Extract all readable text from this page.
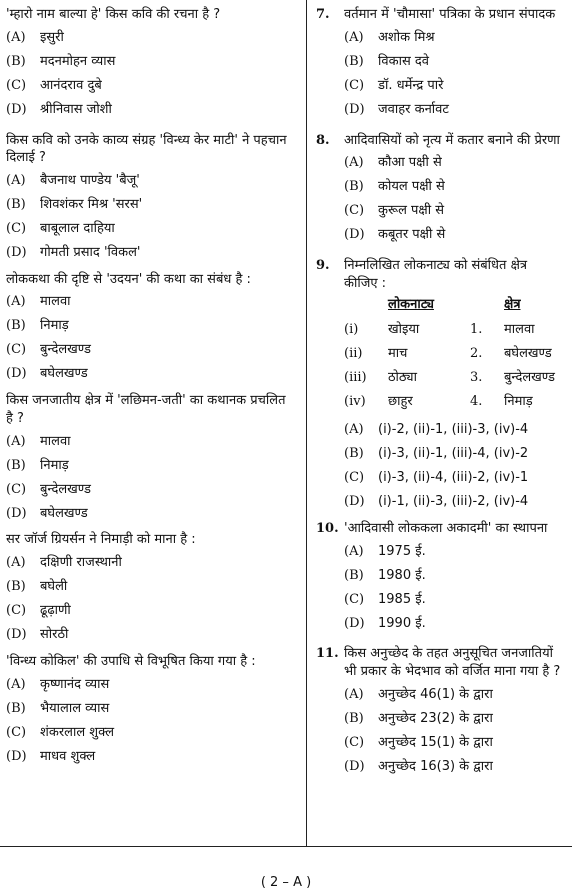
'म्हारो नाम बाल्या हे' किस कवि की रचना है ?
(A)	इसुरी
(B)	मदनमोहन व्यास
(C)	आनंदराव दुबे
(D)	श्रीनिवास जोशी
किस कवि को उनके काव्य संग्रह 'विन्ध्य केर माटी' ने पहचान
दिलाई ?
(A)	बैजनाथ पाण्डेय 'बैजू'
(B)	शिवशंकर मिश्र 'सरस'
(C)	बाबूलाल दाहिया
(D)	गोमती प्रसाद 'विकल'
लोककथा की दृष्टि से 'उदयन' की कथा का संबंध है :
(A)	मालवा
(B)	निमाड़
(C)	बुन्देलखण्ड
(D)	बघेलखण्ड
किस जनजातीय क्षेत्र में 'लछिमन-जती' का कथानक प्रचलित
है ?
(A)	मालवा
(B)	निमाड़
(C)	बुन्देलखण्ड
(D)	बघेलखण्ड
सर जॉर्ज ग्रियर्सन ने निमाड़ी को माना है :
(A)	दक्षिणी राजस्थानी
(B)	बघेली
(C)	ढूढ़ाणी
(D)	सोरठी
'विन्ध्य कोकिल' की उपाधि से विभूषित किया गया है :
(A)	कृष्णानंद व्यास
(B)	भैयालाल व्यास
(C)	शंकरलाल शुक्ल
(D)	माधव शुक्ल
7.	वर्तमान में 'चौमासा' पत्रिका के प्रधान संपादक
(A)	अशोक मिश्र
(B)	विकास दवे
(C)	डॉ. धर्मेन्द्र पारे
(D)	जवाहर कर्नावट
8.	आदिवासियों को नृत्य में कतार बनाने की प्रेरणा
(A)	कौआ पक्षी से
(B)	कोयल पक्षी से
(C)	कुरूल पक्षी से
(D)	कबूतर पक्षी से
9.	निम्नलिखित लोकनाट्य को संबंधित क्षेत्र
कीजिए :
	लोकनाट्य		क्षेत्र
(i)	खोइया	1.	मालवा
(ii)	माच	2.	बघेलखण्ड
(iii)	ठोठ्या	3.	बुन्देलखण्ड
(iv)	छाहुर	4.	निमाड़
(A)	(i)-2, (ii)-1, (iii)-3, (iv)-4
(B)	(i)-3, (ii)-1, (iii)-4, (iv)-2
(C)	(i)-3, (ii)-4, (iii)-2, (iv)-1
(D)	(i)-1, (ii)-3, (iii)-2, (iv)-4
10. 'आदिवासी लोककला अकादमी' का स्थापना
(A)	1975 ई.
(B)	1980 ई.
(C)	1985 ई.
(D)	1990 ई.
11. किस अनुच्छेद के तहत अनुसूचित जनजातियों
भी प्रकार के भेदभाव को वर्जित माना गया है ?
(A)	अनुच्छेद 46(1) के द्वारा
(B)	अनुच्छेद 23(2) के द्वारा
(C)	अनुच्छेद 15(1) के द्वारा
(D)	अनुच्छेद 16(3) के द्वारा
( 2 – A )
